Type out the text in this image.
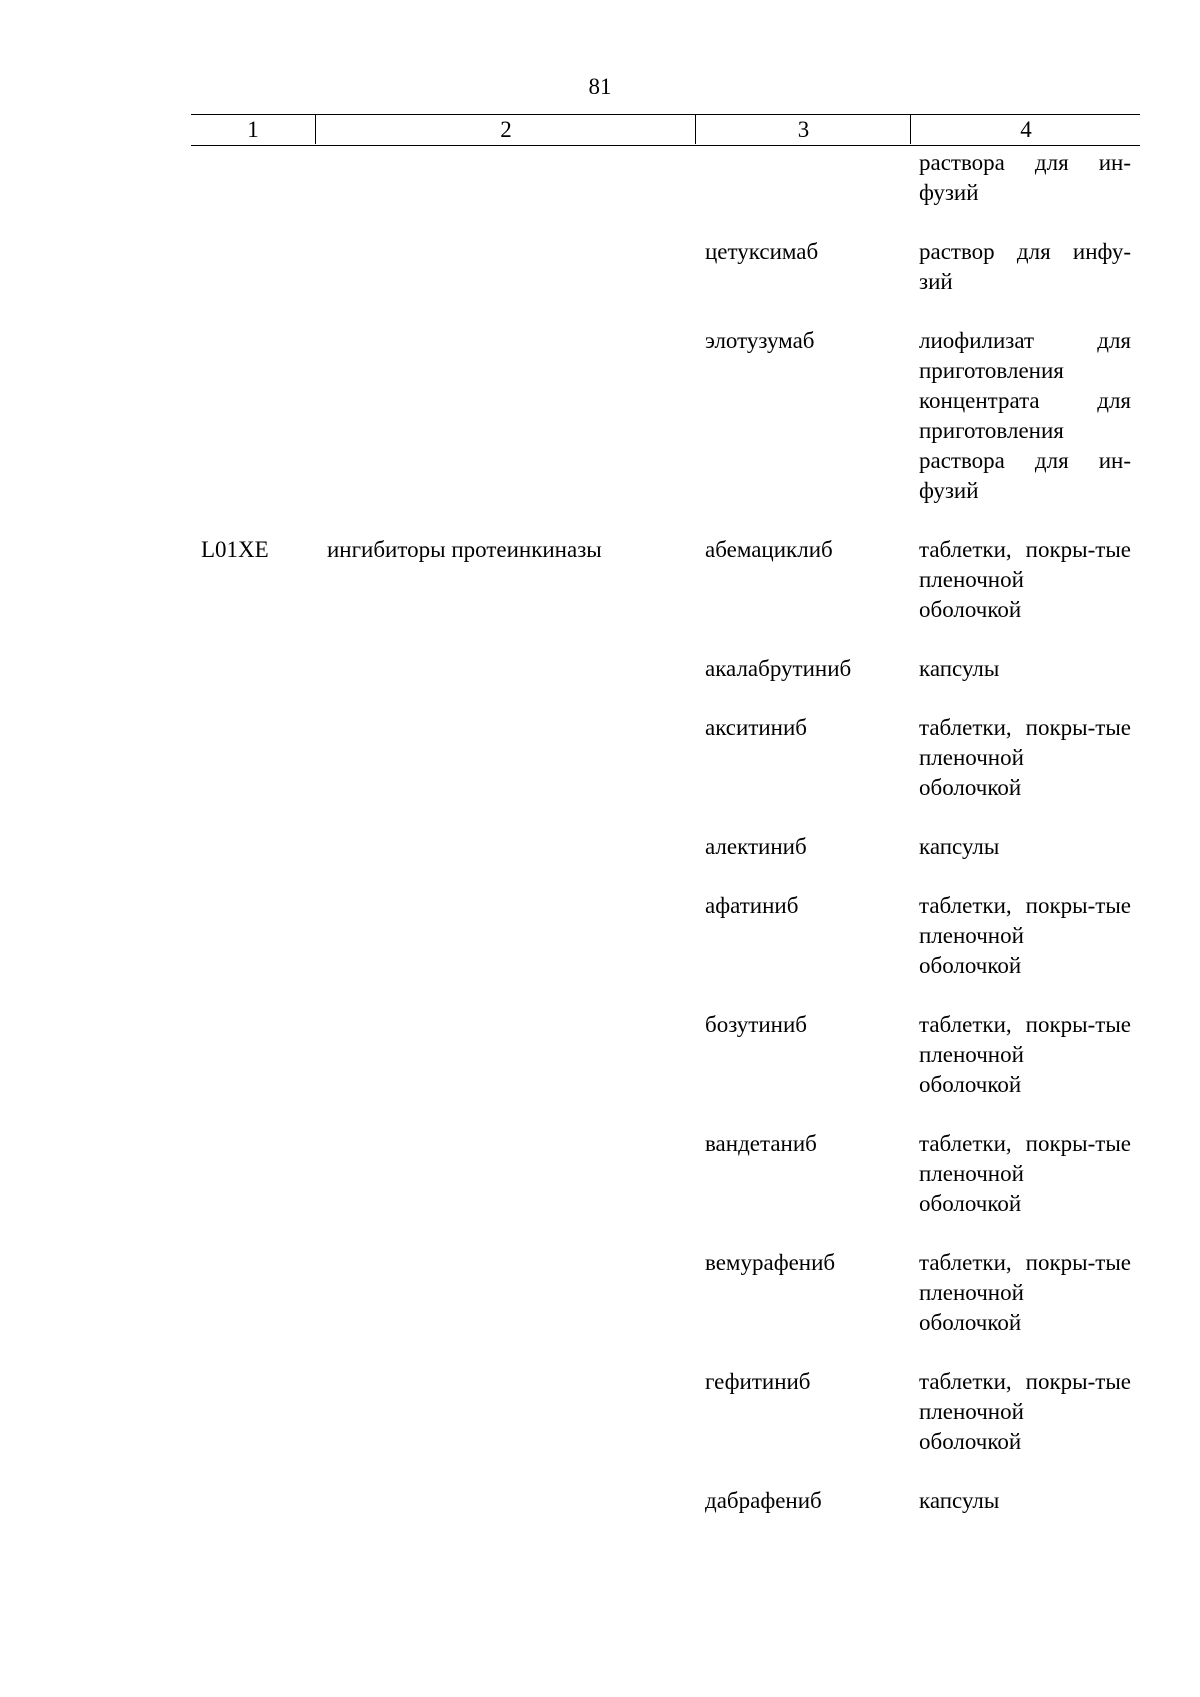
81
1	2	3	4
раствора для ин-фузий
цетуксимаб	раствор для инфу-зий
элотузумаб	лиофилизат для приготовления концентрата для приготовления раствора для ин-фузий
L01XE	ингибиторы протеинкиназы	абемациклиб	таблетки, покры-тые пленочной оболочкой
акалабрутиниб	капсулы
акситиниб	таблетки, покры-тые пленочной оболочкой
алектиниб	капсулы
афатиниб	таблетки, покры-тые пленочной оболочкой
бозутиниб	таблетки, покры-тые пленочной оболочкой
вандетаниб	таблетки, покры-тые пленочной оболочкой
вемурафениб	таблетки, покры-тые пленочной оболочкой
гефитиниб	таблетки, покры-тые пленочной оболочкой
дабрафениб	капсулы
